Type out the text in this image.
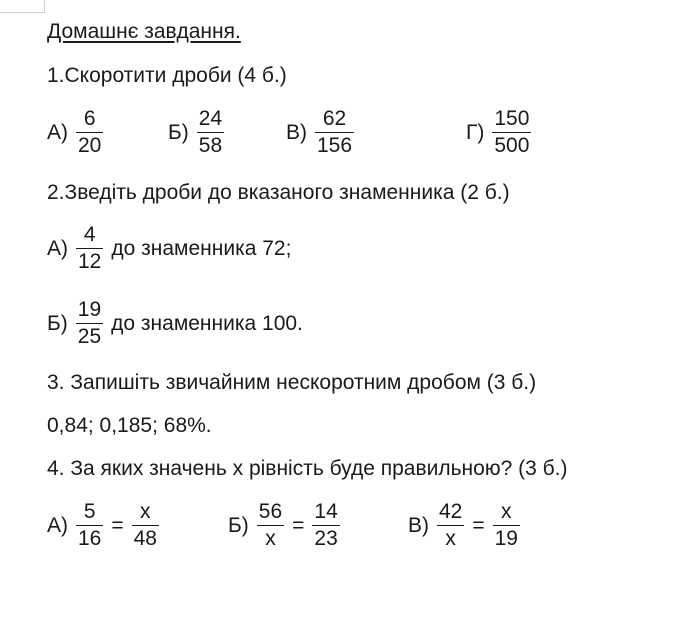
Домашнє завдання.
1.Скоротити дроби (4 б.)
$А) \frac{6}{20}$	$Б) \frac{24}{58}$	$В) \frac{62}{156}$	$Г) \frac{150}{500}$
2.Зведіть дроби до вказаного знаменника (2 б.)
$А) \frac{4}{12}$ до знаменника 72;
$Б) \frac{19}{25}$ до знаменника 100.
3. Запишіть звичайним нескоротним дробом (3 б.)
0,84; 0,185; 68%.
4. За яких значень x рівність буде правильною? (3 б.)
$А) \frac{5}{16} = \frac{x}{48}$	$Б) \frac{56}{x} = \frac{14}{23}$	$В) \frac{42}{x} = \frac{x}{19}$
